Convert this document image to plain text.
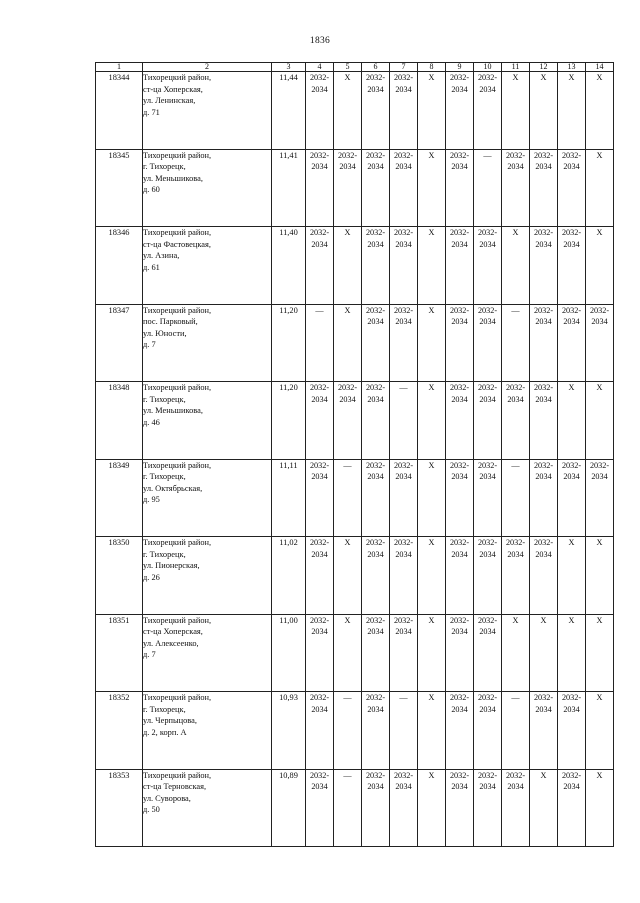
1836
1	2	3	4	5	6	7	8	9	10	11	12	13	14
18344	Тихорецкий район,
ст-ца Хоперская,
ул. Ленинская,
д. 71	11,44	2032-
2034	X	2032-
2034	2032-
2034	X	2032-
2034	2032-
2034	X	X	X	X
18345	Тихорецкий район,
г. Тихорецк,
ул. Меньшикова,
д. 60	11,41	2032-
2034	2032-
2034	2032-
2034	2032-
2034	X	2032-
2034	—	2032-
2034	2032-
2034	2032-
2034	X
18346	Тихорецкий район,
ст-ца Фастовецкая,
ул. Азина,
д. 61	11,40	2032-
2034	X	2032-
2034	2032-
2034	X	2032-
2034	2032-
2034	X	2032-
2034	2032-
2034	X
18347	Тихорецкий район,
пос. Парковый,
ул. Юности,
д. 7	11,20	—	X	2032-
2034	2032-
2034	X	2032-
2034	2032-
2034	—	2032-
2034	2032-
2034	2032-
2034

18348	Тихорецкий район,
г. Тихорецк,
ул. Меньшикова,
д. 46	11,20	2032-
2034	2032-
2034	2032-
2034	—	X	2032-
2034	2032-
2034	2032-
2034	2032-
2034	X	X
18349	Тихорецкий район,
г. Тихорецк,
ул. Октябрьская,
д. 95	11,11	2032-
2034	—	2032-
2034	2032-
2034	X	2032-
2034	2032-
2034	—	2032-
2034	2032-
2034	2032-
2034

18350	Тихорецкий район,
г. Тихорецк,
ул. Пионерская,
д. 26	11,02	2032-
2034	X	2032-
2034	2032-
2034	X	2032-
2034	2032-
2034	2032-
2034	2032-
2034	X	X
18351	Тихорецкий район,
ст-ца Хоперская,
ул. Алексеенко,
д. 7	11,00	2032-
2034	X	2032-
2034	2032-
2034	X	2032-
2034	2032-
2034	X	X	X	X
18352	Тихорецкий район,
г. Тихорецк,
ул. Черпыцова,
д. 2, корп. А	10,93	2032-
2034	—	2032-
2034	—	X	2032-
2034	2032-
2034	—	2032-
2034	2032-
2034	X
18353	Тихорецкий район,
ст-ца Терновская,
ул. Суворова,
д. 50	10,89	2032-
2034	—	2032-
2034	2032-
2034	X	2032-
2034	2032-
2034	2032-
2034	X	2032-
2034	X
